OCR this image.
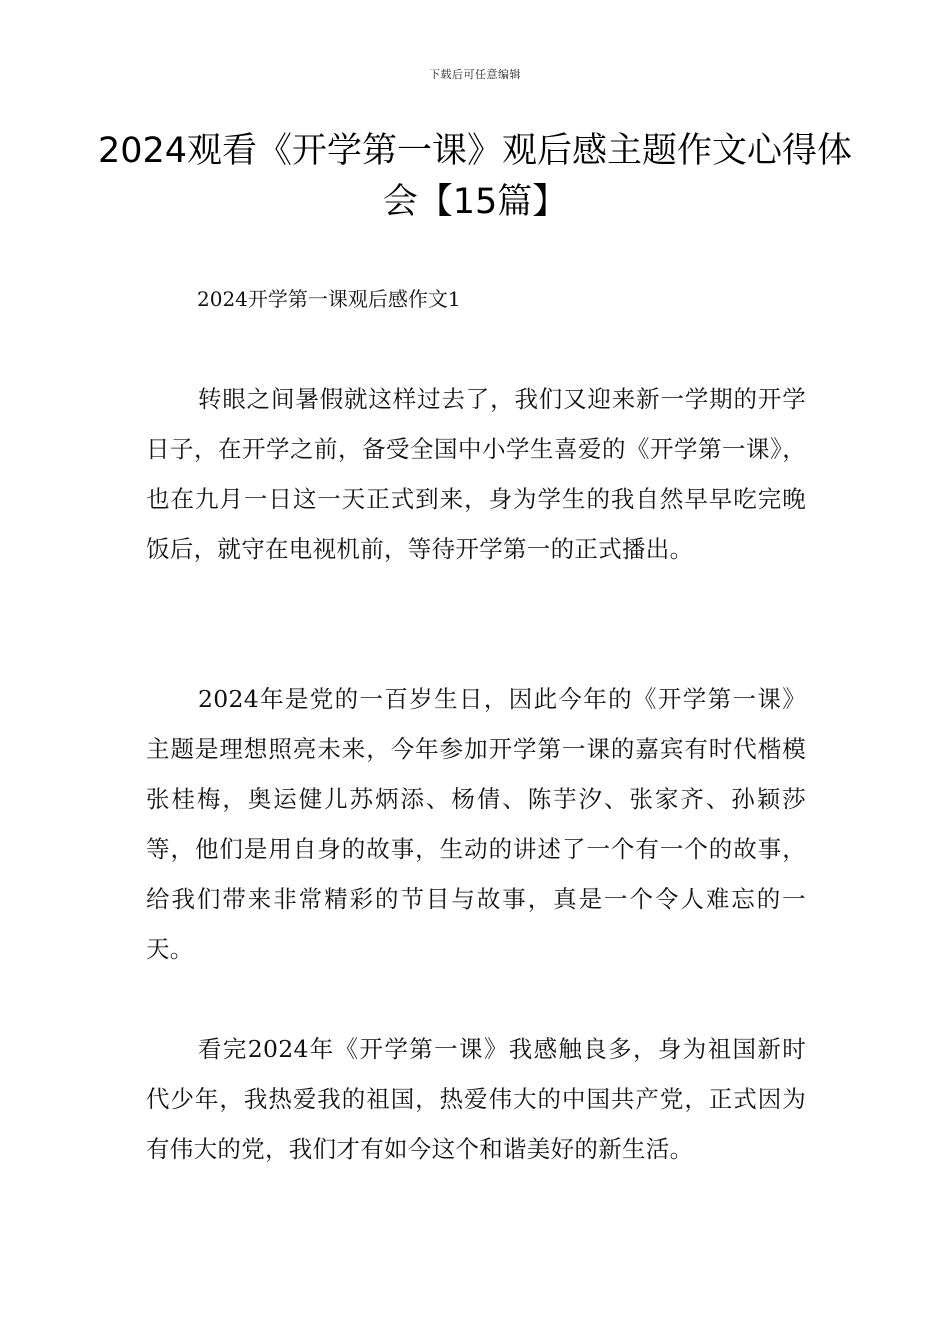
下载后可任意编辑
2024观看《开学第一课》观后感主题作文心得体会【15篇】
2024开学第一课观后感作文1

转眼之间暑假就这样过去了，我们又迎来新一学期的开学日子，在开学之前，备受全国中小学生喜爱的《开学第一课》，也在九月一日这一天正式到来，身为学生的我自然早早吃完晚饭后，就守在电视机前，等待开学第一的正式播出。

2024年是党的一百岁生日，因此今年的《开学第一课》主题是理想照亮未来，今年参加开学第一课的嘉宾有时代楷模张桂梅，奥运健儿苏炳添、杨倩、陈芋汐、张家齐、孙颖莎等，他们是用自身的故事，生动的讲述了一个有一个的故事，给我们带来非常精彩的节目与故事，真是一个令人难忘的一天。

看完2024年《开学第一课》我感触良多，身为祖国新时代少年，我热爱我的祖国，热爱伟大的中国共产党，正式因为有伟大的党，我们才有如今这个和谐美好的新生活。
